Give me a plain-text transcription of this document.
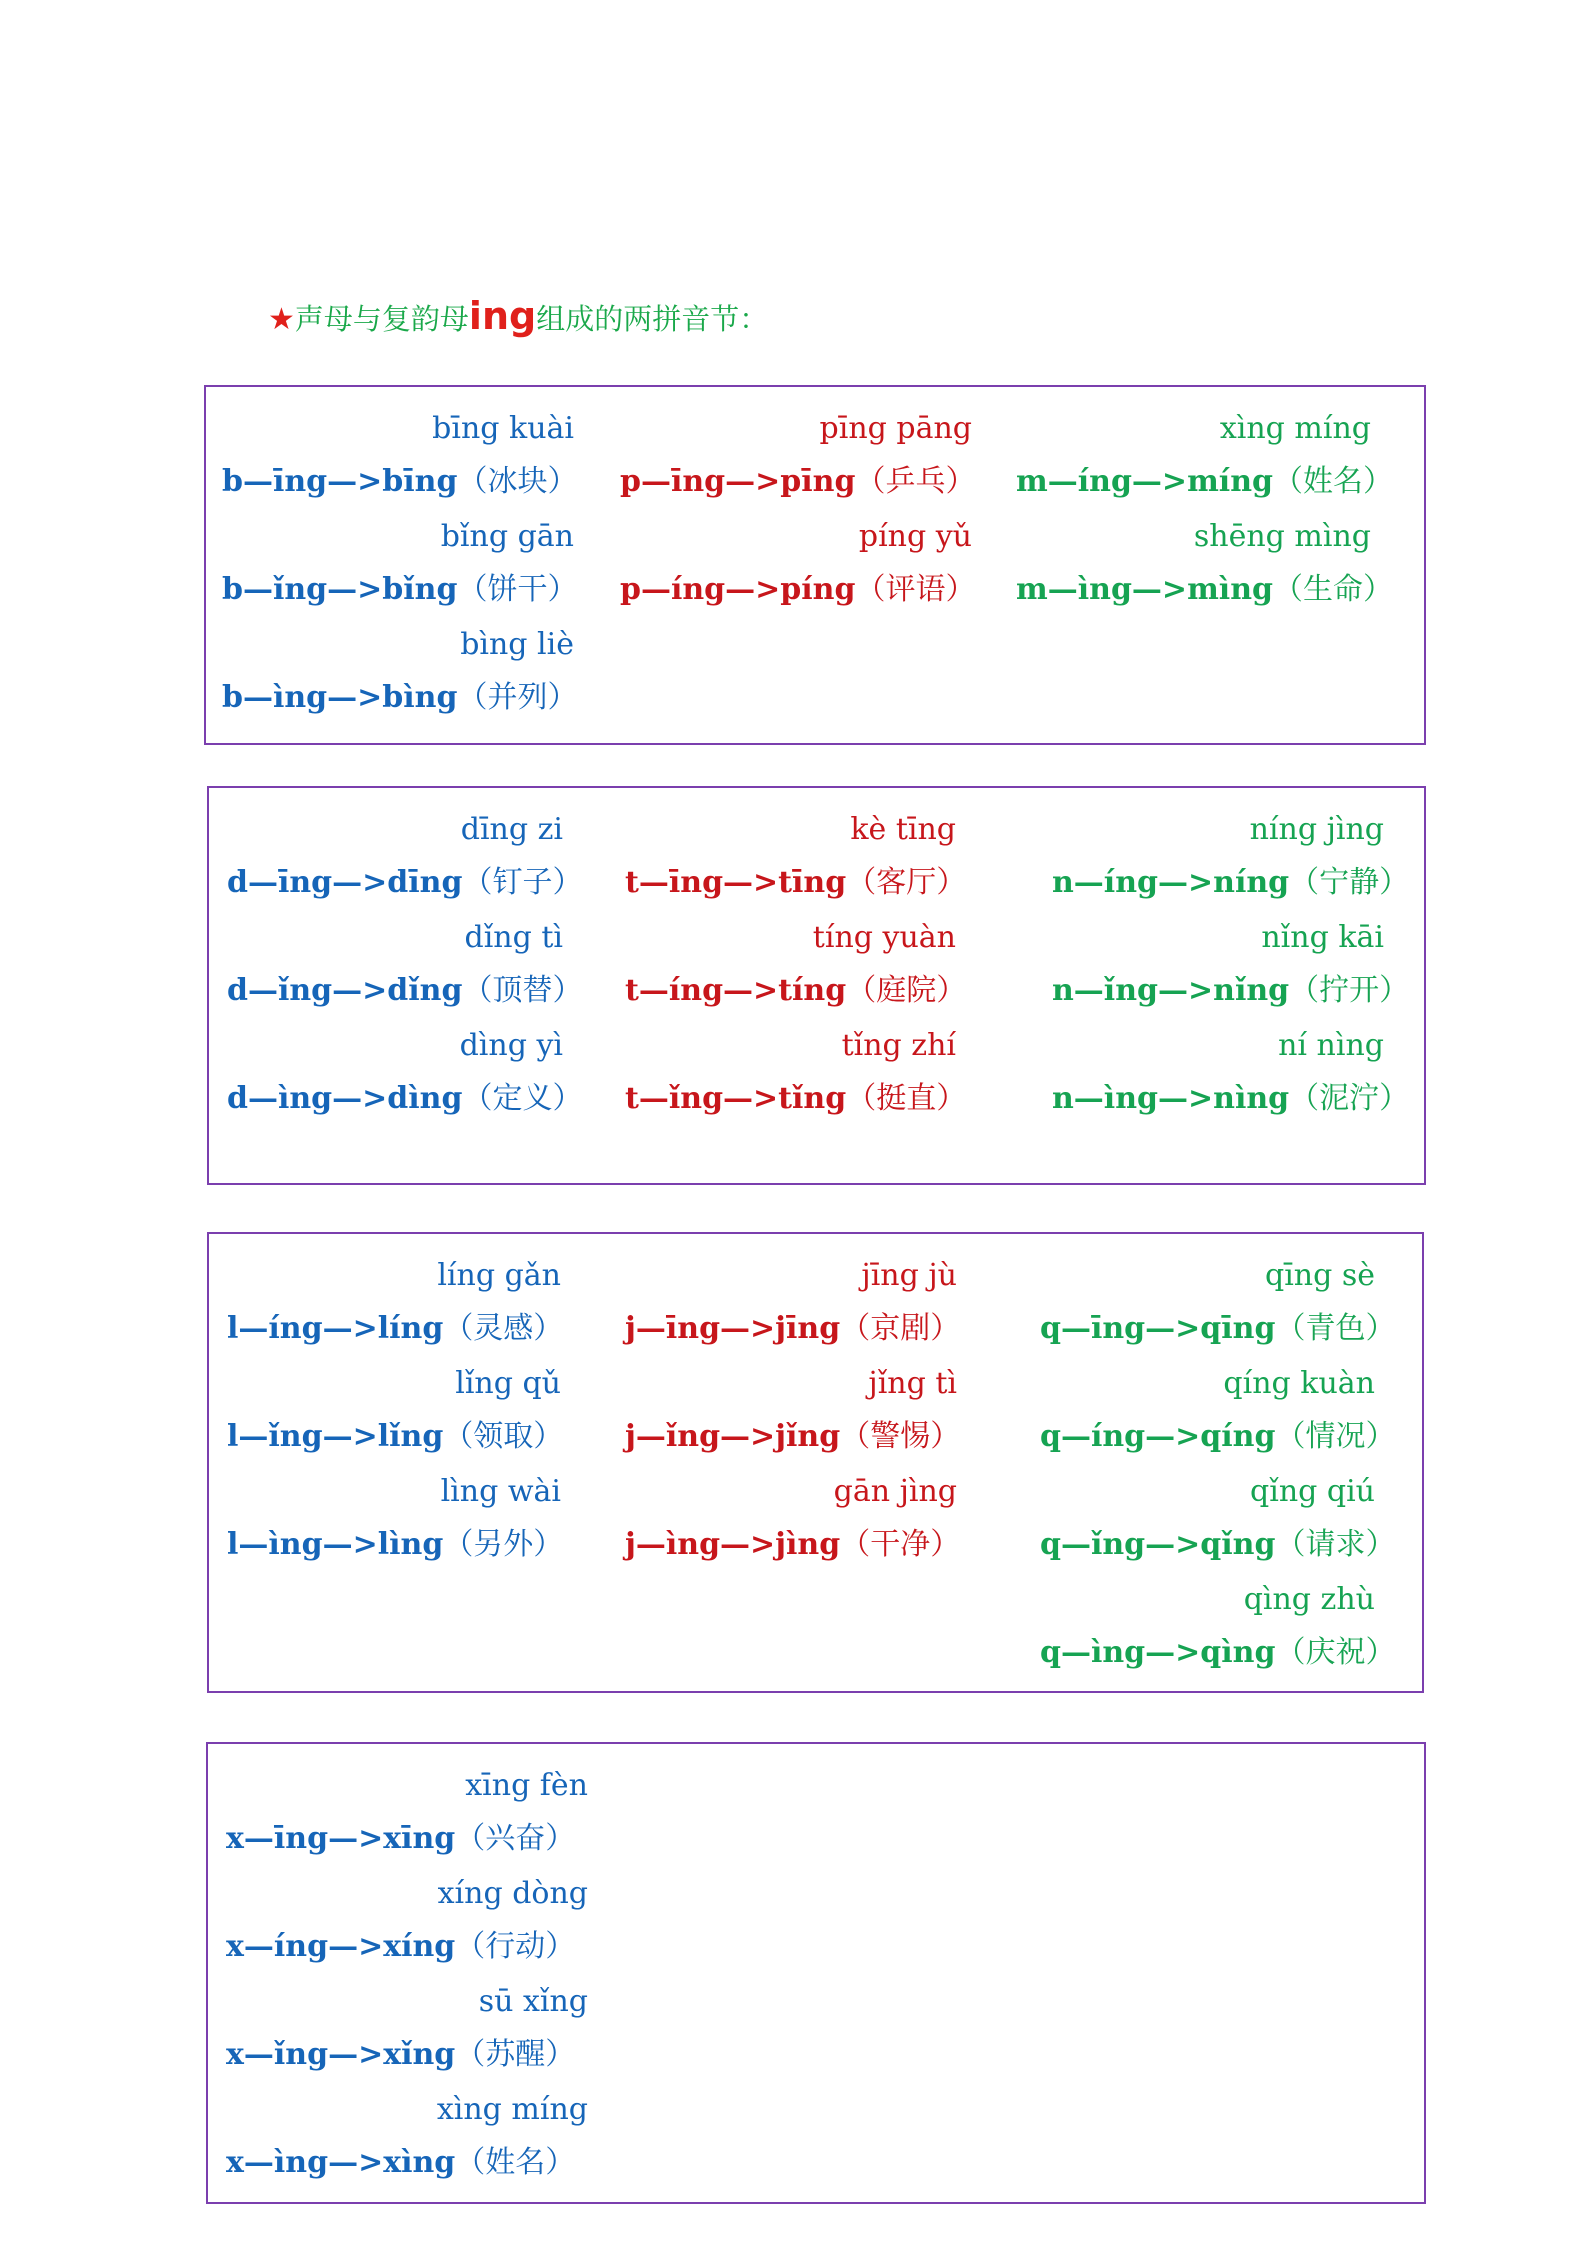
★声母与复韵母ing组成的两拼音节：
bīng kuài
b—īng—>bīng（冰块）
bǐng gān
b—ǐng—>bǐng（饼干）
bìng liè
b—ìng—>bìng（并列）
pīng pāng
p—īng—>pīng（乒乓）
píng yǔ
p—íng—>píng（评语）
xìng míng
m—íng—>míng（姓名）
shēng mìng
m—ìng—>mìng（生命）
dīng zi
d—īng—>dīng（钉子）
dǐng tì
d—ǐng—>dǐng（顶替）
dìng yì
d—ìng—>dìng（定义）
kè tīng
t—īng—>tīng（客厅）
tíng yuàn
t—íng—>tíng（庭院）
tǐng zhí
t—ǐng—>tǐng（挺直）
níng jìng
n—íng—>níng（宁静）
nǐng kāi
n—ǐng—>nǐng（拧开）
ní nìng
n—ìng—>nìng（泥泞）
líng gǎn
l—íng—>líng（灵感）
lǐng qǔ
l—ǐng—>lǐng（领取）
lìng wài
l—ìng—>lìng（另外）
jīng jù
j—īng—>jīng（京剧）
jǐng tì
j—ǐng—>jǐng（警惕）
gān jìng
j—ìng—>jìng（干净）
qīng sè
q—īng—>qīng（青色）
qíng kuàn
q—íng—>qíng（情况）
qǐng qiú
q—ǐng—>qǐng（请求）
qìng zhù
q—ìng—>qìng（庆祝）
xīng fèn
x—īng—>xīng（兴奋）
xíng dòng
x—íng—>xíng（行动）
sū xǐng
x—ǐng—>xǐng（苏醒）
xìng míng
x—ìng—>xìng（姓名）
